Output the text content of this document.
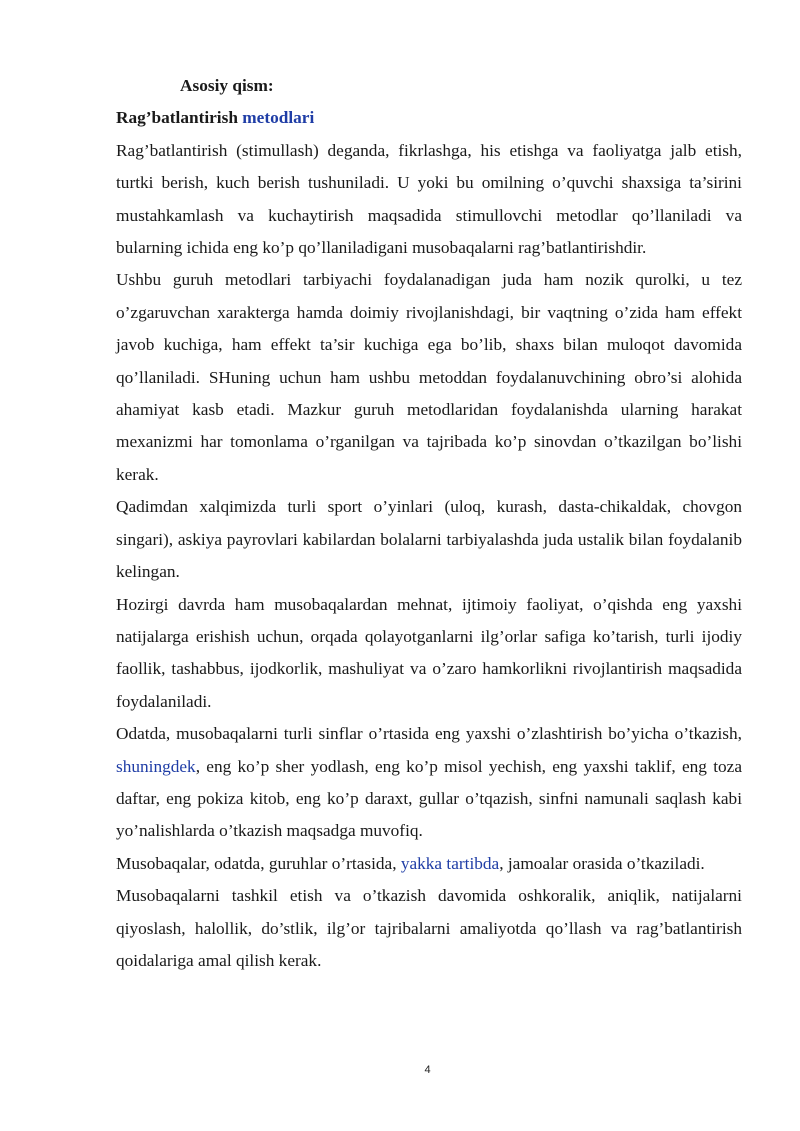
Asosiy qism:
Rag’batlantirish metodlari

Rag’batlantirish (stimullash) deganda, fikrlashga, his etishga va faoliyatga jalb etish, turtki berish, kuch berish tushuniladi. U yoki bu omilning o’quvchi shaxsiga ta’sirini mustahkamlash va kuchaytirish maqsadida stimullovchi metodlar qo’llaniladi va bularning ichida eng ko’p qo’llaniladigani musobaqalarni rag’batlantirishdir.

Ushbu guruh metodlari tarbiyachi foydalanadigan juda ham nozik qurolki, u tez o’zgaruvchan xarakterga hamda doimiy rivojlanishdagi, bir vaqtning o’zida ham effekt javob kuchiga, ham effekt ta’sir kuchiga ega bo’lib, shaxs bilan muloqot davomida qo’llaniladi. SHuning uchun ham ushbu metoddan foydalanuvchining obro’si alohida ahamiyat kasb etadi. Mazkur guruh metodlaridan foydalanishda ularning harakat mexanizmi har tomonlama o’rganilgan va tajribada ko’p sinovdan o’tkazilgan bo’lishi kerak.

Qadimdan xalqimizda turli sport o’yinlari (uloq, kurash, dasta-chikaldak, chovgon singari), askiya payrovlari kabilardan bolalarni tarbiyalashda juda ustalik bilan foydalanib kelingan.

Hozirgi davrda ham musobaqalardan mehnat, ijtimoiy faoliyat, o’qishda eng yaxshi natijalarga erishish uchun, orqada qolayotganlarni ilg’orlar safiga ko’tarish, turli ijodiy faollik, tashabbus, ijodkorlik, mashuliyat va o’zaro hamkorlikni rivojlantirish maqsadida foydalaniladi.

Odatda, musobaqalarni turli sinflar o’rtasida eng yaxshi o’zlashtirish bo’yicha o’tkazish, shuningdek, eng ko’p sher yodlash, eng ko’p misol yechish, eng yaxshi taklif, eng toza daftar, eng pokiza kitob, eng ko’p daraxt, gullar o’tqazish, sinfni namunali saqlash kabi yo’nalishlarda o’tkazish maqsadga muvofiq.

Musobaqalar, odatda, guruhlar o’rtasida, yakka tartibda, jamoalar orasida o’tkaziladi.

Musobaqalarni tashkil etish va o’tkazish davomida oshkoralik, aniqlik, natijalarni qiyoslash, halollik, do’stlik, ilg’or tajribalarni amaliyotda qo’llash va rag’batlantirish qoidalariga amal qilish kerak.

4
